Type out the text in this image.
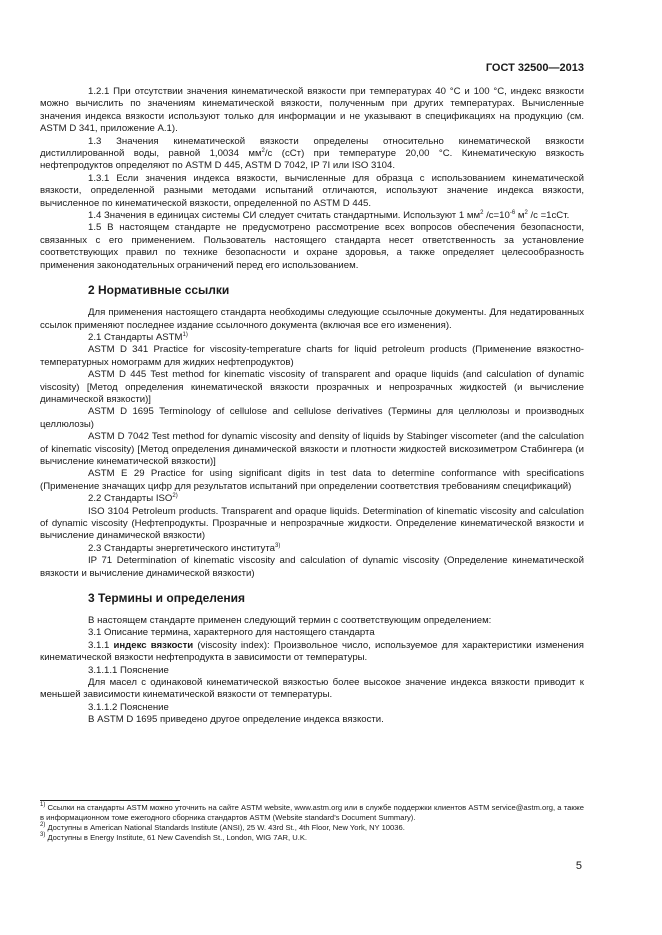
ГОСТ 32500—2013

1.2.1 При отсутствии значения кинематической вязкости при температурах 40 °С и 100 °С, индекс вязкости можно вычислить по значениям кинематической вязкости, полученным при других температурах. Вычисленные значения индекса вязкости используют только для информации и не указывают в спецификациях на продукцию (см. ASTM D 341, приложение А.1).

1.3 Значения кинематической вязкости определены относительно кинематической вязкости дистиллированной воды, равной 1,0034 $мм^2/с$ (сСт) при температуре 20,00 °С. Кинематическую вязкость нефтепродуктов определяют по ASTM D 445, ASTM D 7042, IP 7I или ISO 3104.

1.3.1 Если значения индекса вязкости, вычисленные для образца с использованием кинематической вязкости, определенной разными методами испытаний отличаются, используют значение индекса вязкости, вычисленное по кинематической вязкости, определенной по ASTM D 445.

1.4 Значения в единицах системы СИ следует считать стандартными. Используют 1 $мм^2$ $/с=10^{-6}$ $м^2$ /с =1сСт.

1.5 В настоящем стандарте не предусмотрено рассмотрение всех вопросов обеспечения безопасности, связанных с его применением. Пользователь настоящего стандарта несет ответственность за установление соответствующих правил по технике безопасности и охране здоровья, а также определяет целесообразность применения законодательных ограничений перед его использованием.

2 Нормативные ссылки

Для применения настоящего стандарта необходимы следующие ссылочные документы. Для недатированных ссылок применяют последнее издание ссылочного документа (включая все его изменения).

2.1 Стандарты ASTM$^{1)}$

ASTM D 341 Practice for viscosity-temperature charts for liquid petroleum products (Применение вязкостно-температурных номограмм для жидких нефтепродуктов)

ASTM D 445 Test method for kinematic viscosity of transparent and opaque liquids (and calculation of dynamic viscosity) [Метод определения кинематической вязкости прозрачных и непрозрачных жидкостей (и вычисление динамической вязкости)]

ASTM D 1695 Terminology of cellulose and cellulose derivatives (Термины для целлюлозы и производных целлюлозы)

ASTM D 7042 Test method for dynamic viscosity and density of liquids by Stabinger viscometer (and the calculation of kinematic viscosity) [Метод определения динамической вязкости и плотности жидкостей вискозиметром Стабингера (и вычисление кинематической вязкости)]

ASTM E 29 Practice for using significant digits in test data to determine conformance with specifications (Применение значащих цифр для результатов испытаний при определении соответствия требованиям спецификаций)

2.2 Стандарты ISO$^{2)}$

ISO 3104 Petroleum products. Transparent and opaque liquids. Determination of kinematic viscosity and calculation of dynamic viscosity (Нефтепродукты. Прозрачные и непрозрачные жидкости. Определение кинематической вязкости и вычисление динамической вязкости)

2.3 Стандарты энергетического института$^{3)}$

IP 71 Determination of kinematic viscosity and calculation of dynamic viscosity (Определение кинематической вязкости и вычисление динамической вязкости)

3 Термины и определения

В настоящем стандарте применен следующий термин с соответствующим определением:

3.1 Описание термина, характерного для настоящего стандарта

3.1.1 индекс вязкости (viscosity index): Произвольное число, используемое для характеристики изменения кинематической вязкости нефтепродукта в зависимости от температуры.

3.1.1.1 Пояснение

Для масел с одинаковой кинематической вязкостью более высокое значение индекса вязкости приводит к меньшей зависимости кинематической вязкости от температуры.

3.1.1.2 Пояснение

В ASTM D 1695 приведено другое определение индекса вязкости.

$^{1)}$ Ссылки на стандарты ASTM можно уточнить на сайте ASTM website, www.astm.org или в службе поддержки клиентов ASTM service@astm.org, а также в информационном томе ежегодного сборника стандартов ASTM (Website standard’s Document Summary).

$^{2)}$ Доступны в American National Standards Institute (ANSI), 25 W. 43rd St., 4th Floor, New York, NY 10036.

$^{3)}$ Доступны в Energy Institute, 61 New Cavendish St., London, WIG 7AR, U.K.

5
